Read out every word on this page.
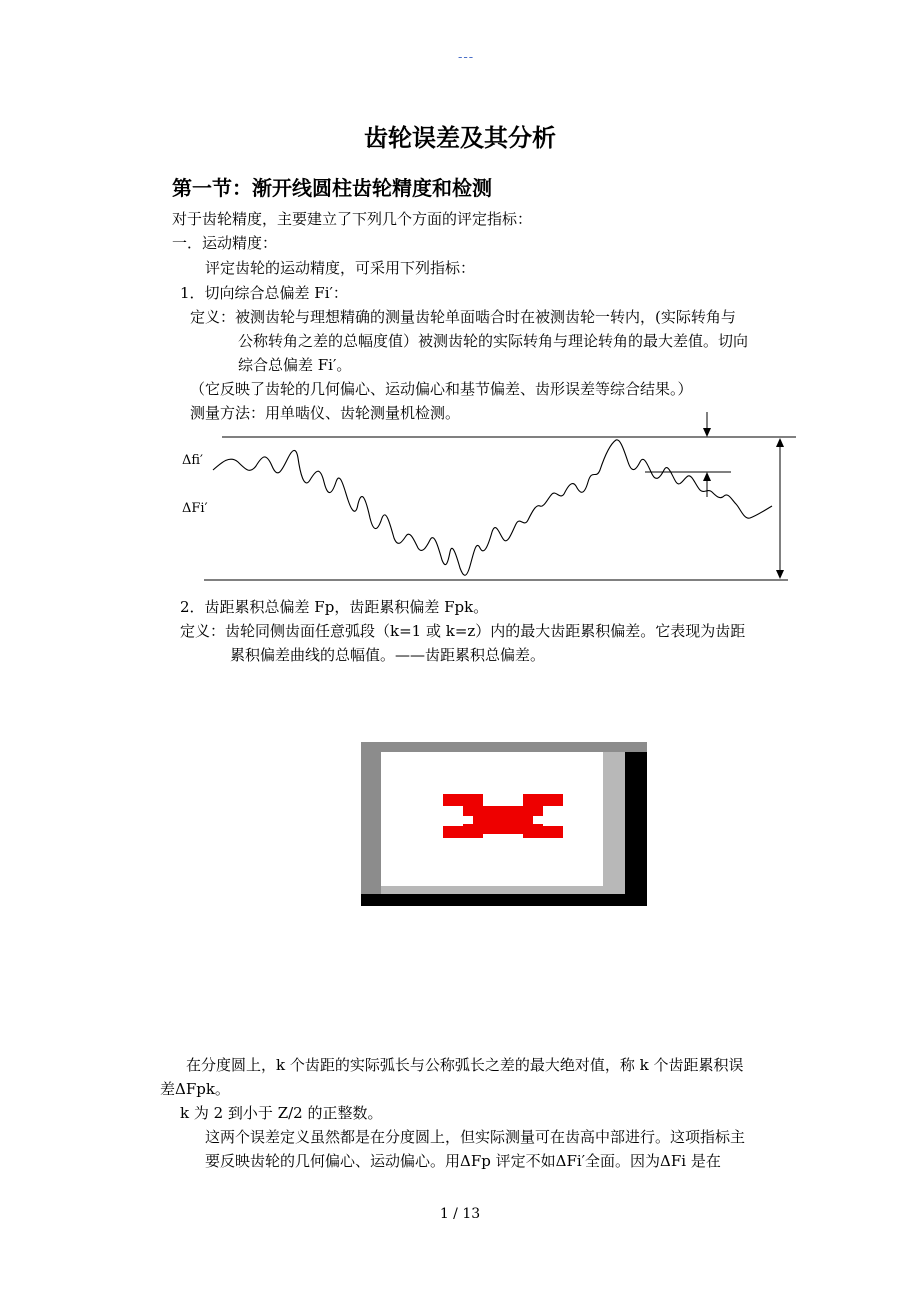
---
齿轮误差及其分析
第一节：渐开线圆柱齿轮精度和检测
对于齿轮精度，主要建立了下列几个方面的评定指标：
一．运动精度：
评定齿轮的运动精度，可采用下列指标：
1．切向综合总偏差 Fi′：
定义：被测齿轮与理想精确的测量齿轮单面啮合时在被测齿轮一转内，(实际转角与
公称转角之差的总幅度值）被测齿轮的实际转角与理论转角的最大差值。切向
综合总偏差 Fi′。
（它反映了齿轮的几何偏心、运动偏心和基节偏差、齿形误差等综合结果。）
测量方法：用单啮仪、齿轮测量机检测。
Δfi′
ΔFi′
2．齿距累积总偏差 Fp，齿距累积偏差 Fpk。
定义：齿轮同侧齿面任意弧段（k=1 或 k=z）内的最大齿距累积偏差。它表现为齿距
累积偏差曲线的总幅值。——齿距累积总偏差。
在分度圆上，k 个齿距的实际弧长与公称弧长之差的最大绝对值，称 k 个齿距累积误
差ΔFpk。
k 为 2 到小于 Z/2 的正整数。
这两个误差定义虽然都是在分度圆上，但实际测量可在齿高中部进行。这项指标主
要反映齿轮的几何偏心、运动偏心。用ΔFp 评定不如ΔFi′全面。因为ΔFi 是在
1 / 13
